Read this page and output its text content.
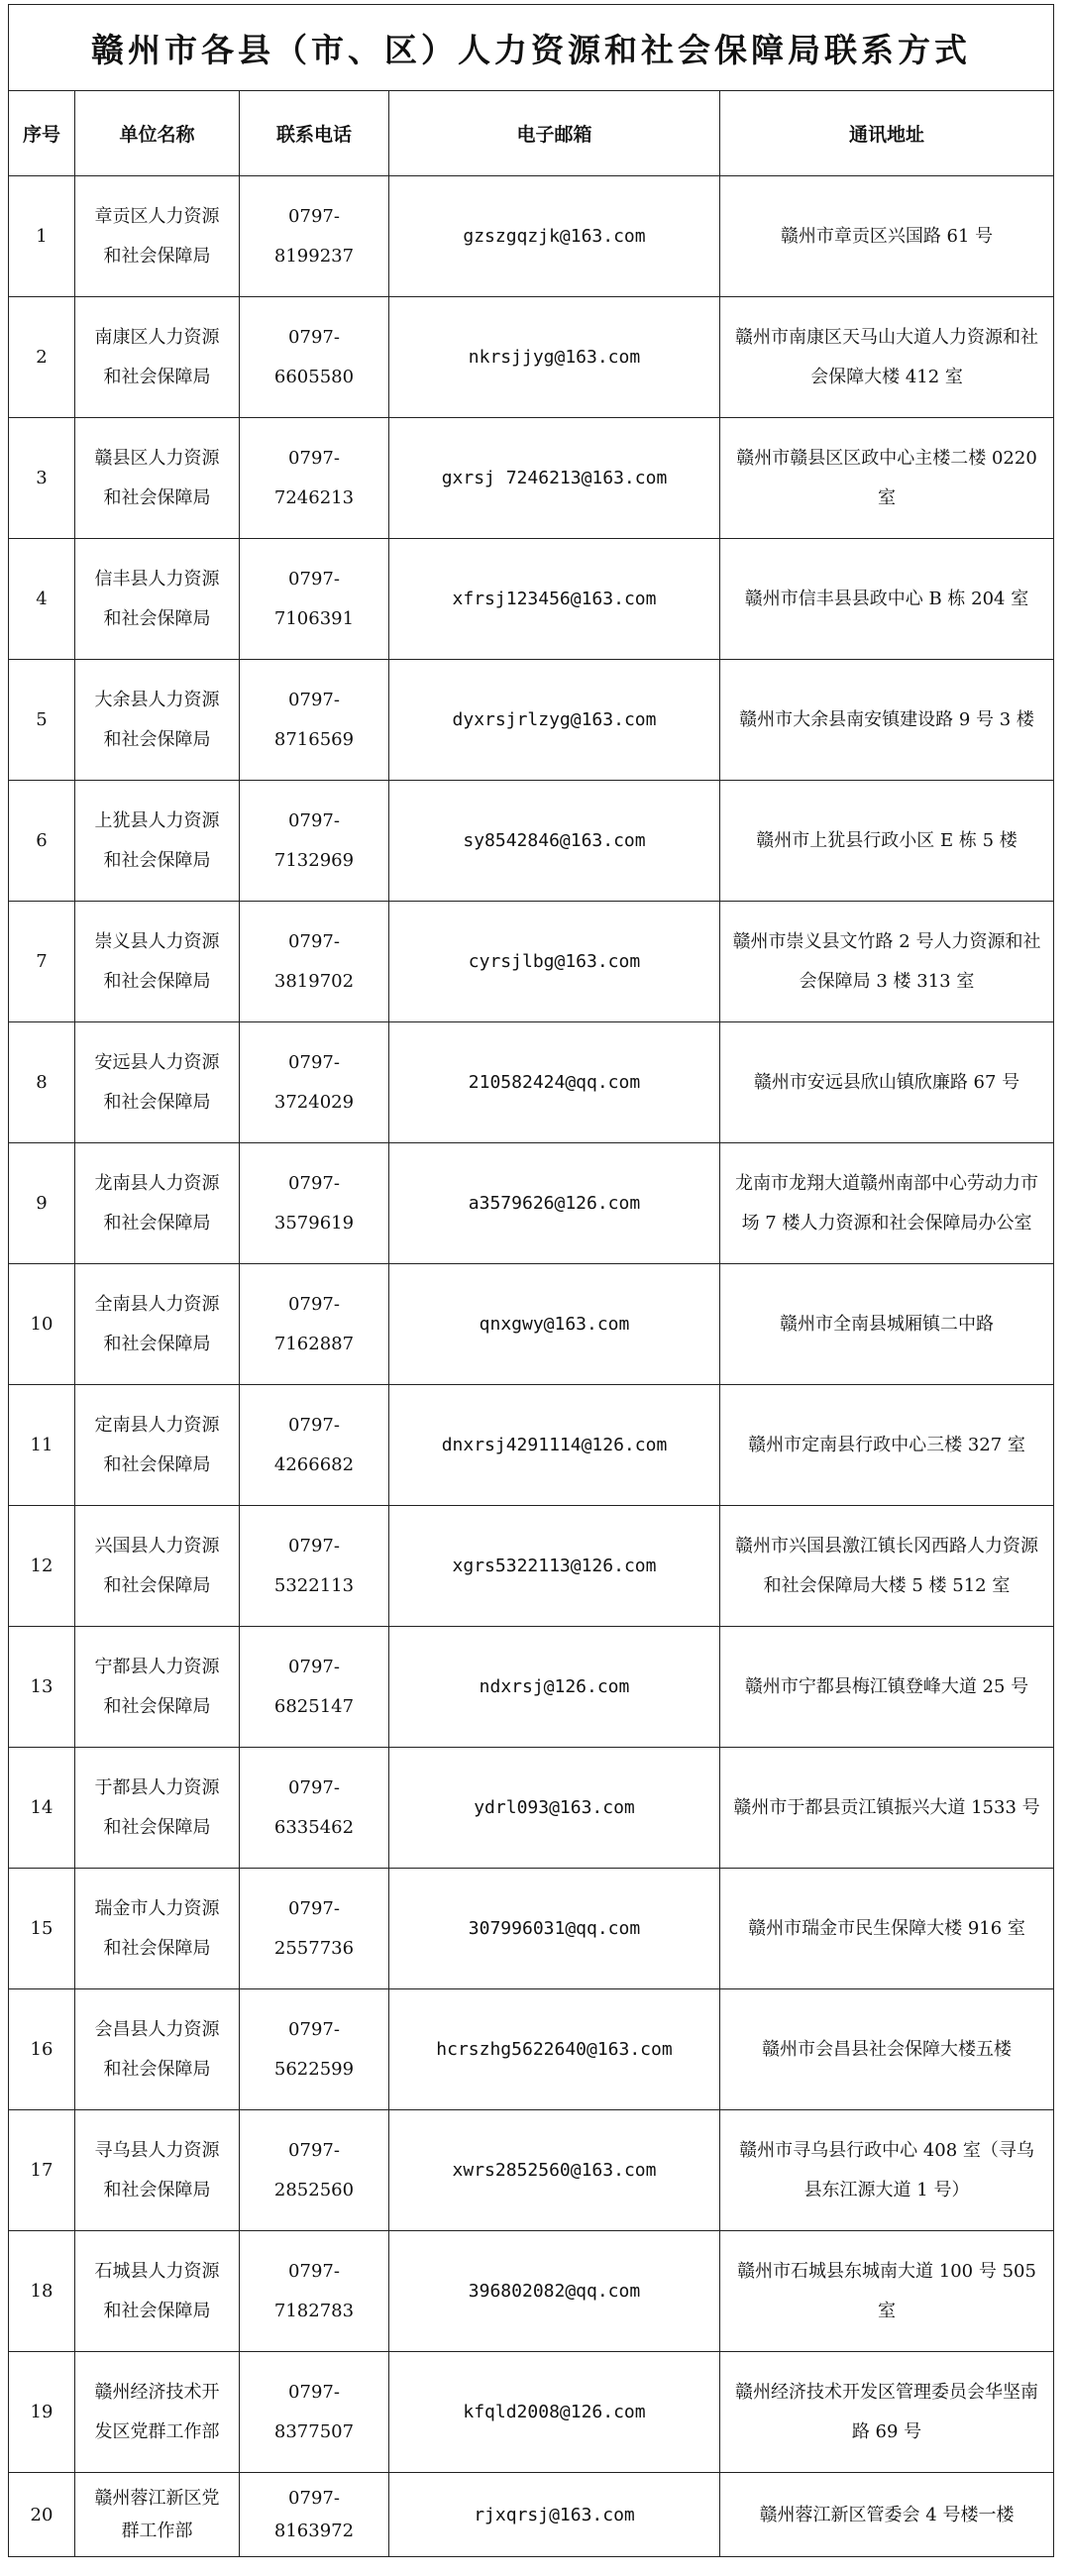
赣州市各县（市、区）人力资源和社会保障局联系方式				
序号	单位名称	联系电话	电子邮箱	通讯地址
1	章贡区人力资源和社会保障局	0797-8199237	gzszgqzjk@163.com	赣州市章贡区兴国路 61 号
2	南康区人力资源和社会保障局	0797-6605580	nkrsjjyg@163.com	赣州市南康区天马山大道人力资源和社会保障大楼 412 室
3	赣县区人力资源和社会保障局	0797-7246213	gxrsj 7246213@163.com	赣州市赣县区区政中心主楼二楼 0220 室
4	信丰县人力资源和社会保障局	0797-7106391	xfrsj123456@163.com	赣州市信丰县县政中心 B 栋 204 室
5	大余县人力资源和社会保障局	0797-8716569	dyxrsjrlzyg@163.com	赣州市大余县南安镇建设路 9 号 3 楼
6	上犹县人力资源和社会保障局	0797-7132969	sy8542846@163.com	赣州市上犹县行政小区 E 栋 5 楼
7	崇义县人力资源和社会保障局	0797-3819702	cyrsjlbg@163.com	赣州市崇义县文竹路 2 号人力资源和社会保障局 3 楼 313 室
8	安远县人力资源和社会保障局	0797-3724029	210582424@qq.com	赣州市安远县欣山镇欣廉路 67 号
9	龙南县人力资源和社会保障局	0797-3579619	a3579626@126.com	龙南市龙翔大道赣州南部中心劳动力市场 7 楼人力资源和社会保障局办公室
10	全南县人力资源和社会保障局	0797-7162887	qnxgwy@163.com	赣州市全南县城厢镇二中路
11	定南县人力资源和社会保障局	0797-4266682	dnxrsj4291114@126.com	赣州市定南县行政中心三楼 327 室
12	兴国县人力资源和社会保障局	0797-5322113	xgrs5322113@126.com	赣州市兴国县激江镇长冈西路人力资源和社会保障局大楼 5 楼 512 室
13	宁都县人力资源和社会保障局	0797-6825147	ndxrsj@126.com	赣州市宁都县梅江镇登峰大道 25 号
14	于都县人力资源和社会保障局	0797-6335462	ydrl093@163.com	赣州市于都县贡江镇振兴大道 1533 号
15	瑞金市人力资源和社会保障局	0797-2557736	307996031@qq.com	赣州市瑞金市民生保障大楼 916 室
16	会昌县人力资源和社会保障局	0797-5622599	hcrszhg5622640@163.com	赣州市会昌县社会保障大楼五楼
17	寻乌县人力资源和社会保障局	0797-2852560	xwrs2852560@163.com	赣州市寻乌县行政中心 408 室（寻乌县东江源大道 1 号）
18	石城县人力资源和社会保障局	0797-7182783	396802082@qq.com	赣州市石城县东城南大道 100 号 505 室
19	赣州经济技术开发区党群工作部	0797-8377507	kfqld2008@126.com	赣州经济技术开发区管理委员会华坚南路 69 号
20	赣州蓉江新区党群工作部	0797-8163972	rjxqrsj@163.com	赣州蓉江新区管委会 4 号楼一楼
